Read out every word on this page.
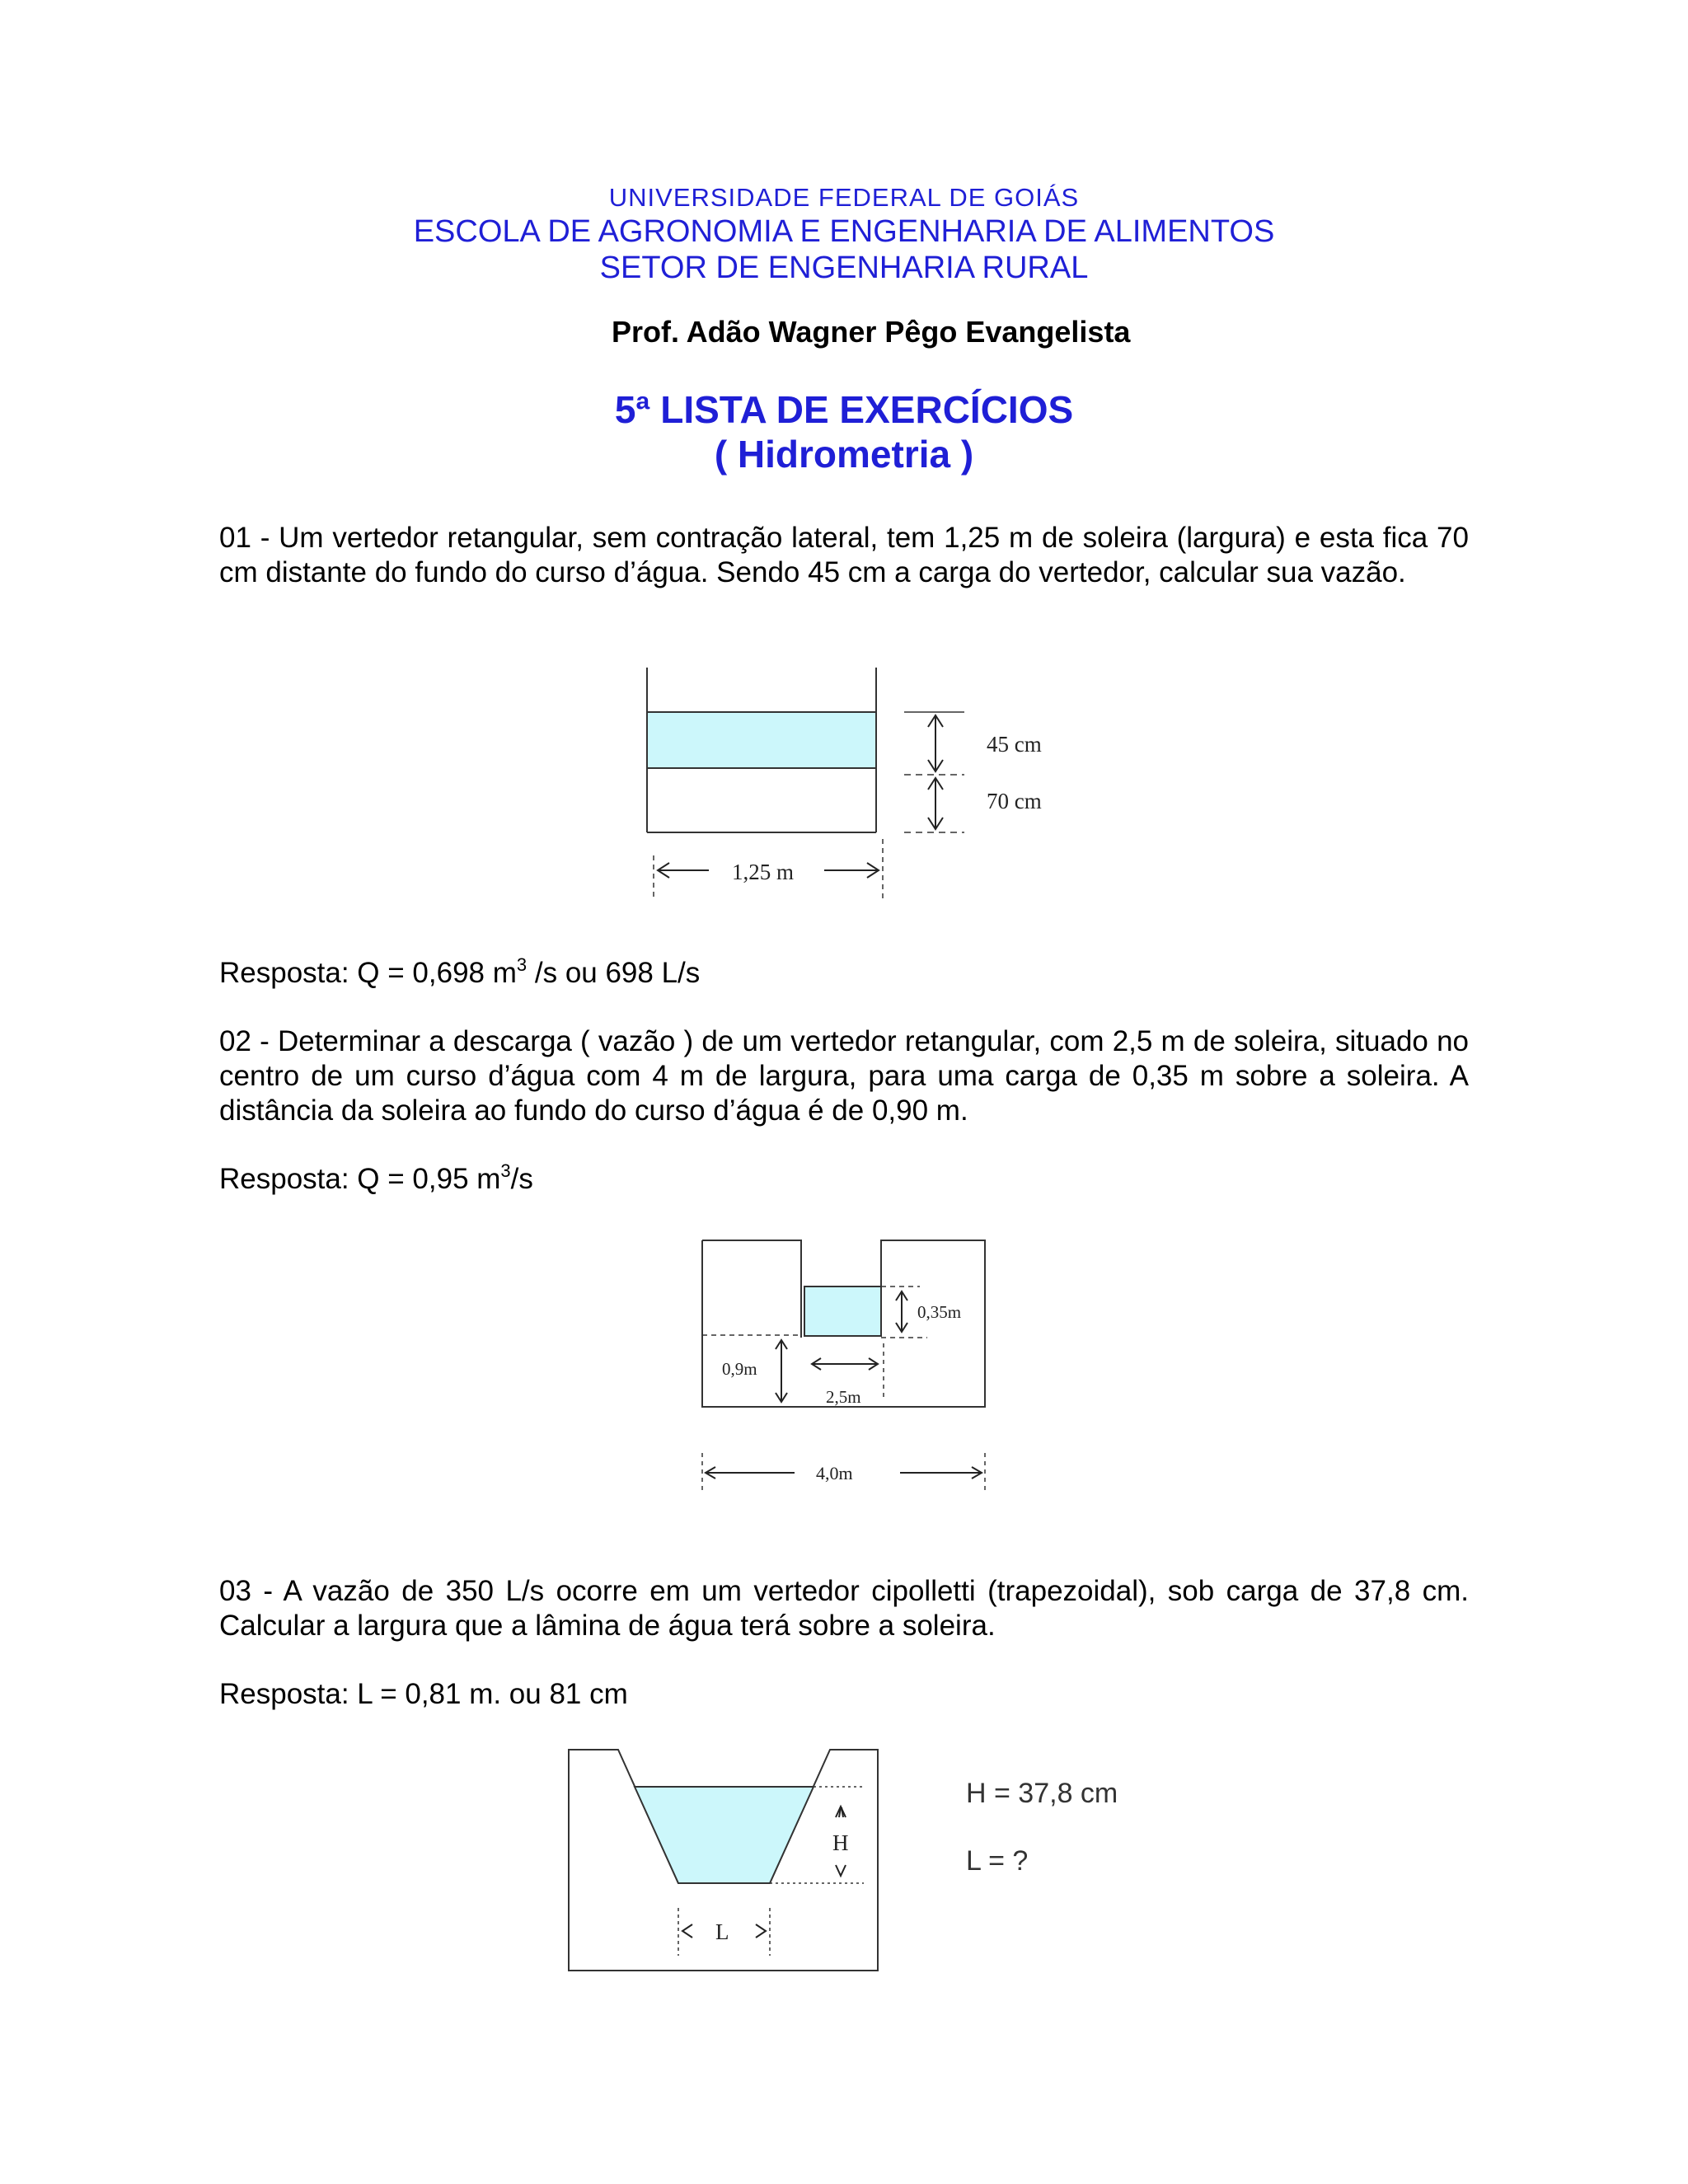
UNIVERSIDADE FEDERAL DE GOIÁS
ESCOLA DE AGRONOMIA E ENGENHARIA DE ALIMENTOS
SETOR DE ENGENHARIA RURAL
Prof. Adão Wagner Pêgo Evangelista
5ª LISTA DE EXERCÍCIOS
( Hidrometria )
01 - Um vertedor retangular, sem contração lateral, tem 1,25 m de soleira (largura) e esta fica 70 cm distante do fundo do curso d’água. Sendo 45 cm a carga do vertedor, calcular sua vazão.
45 cm
70 cm
1,25 m
Resposta: Q = 0,698 $m^3$ /s ou 698 L/s
02 - Determinar a descarga ( vazão ) de um vertedor retangular, com 2,5 m de soleira, situado no centro de um curso d’água com 4 m de largura, para uma carga de 0,35 m sobre a soleira. A distância da soleira ao fundo do curso d’água é de 0,90 m.
Resposta: Q = 0,95 $m^3/s$
0,35m
0,9m
2,5m
4,0m
03 - A vazão de 350 L/s ocorre em um vertedor cipolletti (trapezoidal), sob carga de 37,8 cm. Calcular a largura que a lâmina de água terá sobre a soleira.
Resposta: L = 0,81 m. ou 81 cm
H
L
H = 37,8 cm
L = ?
